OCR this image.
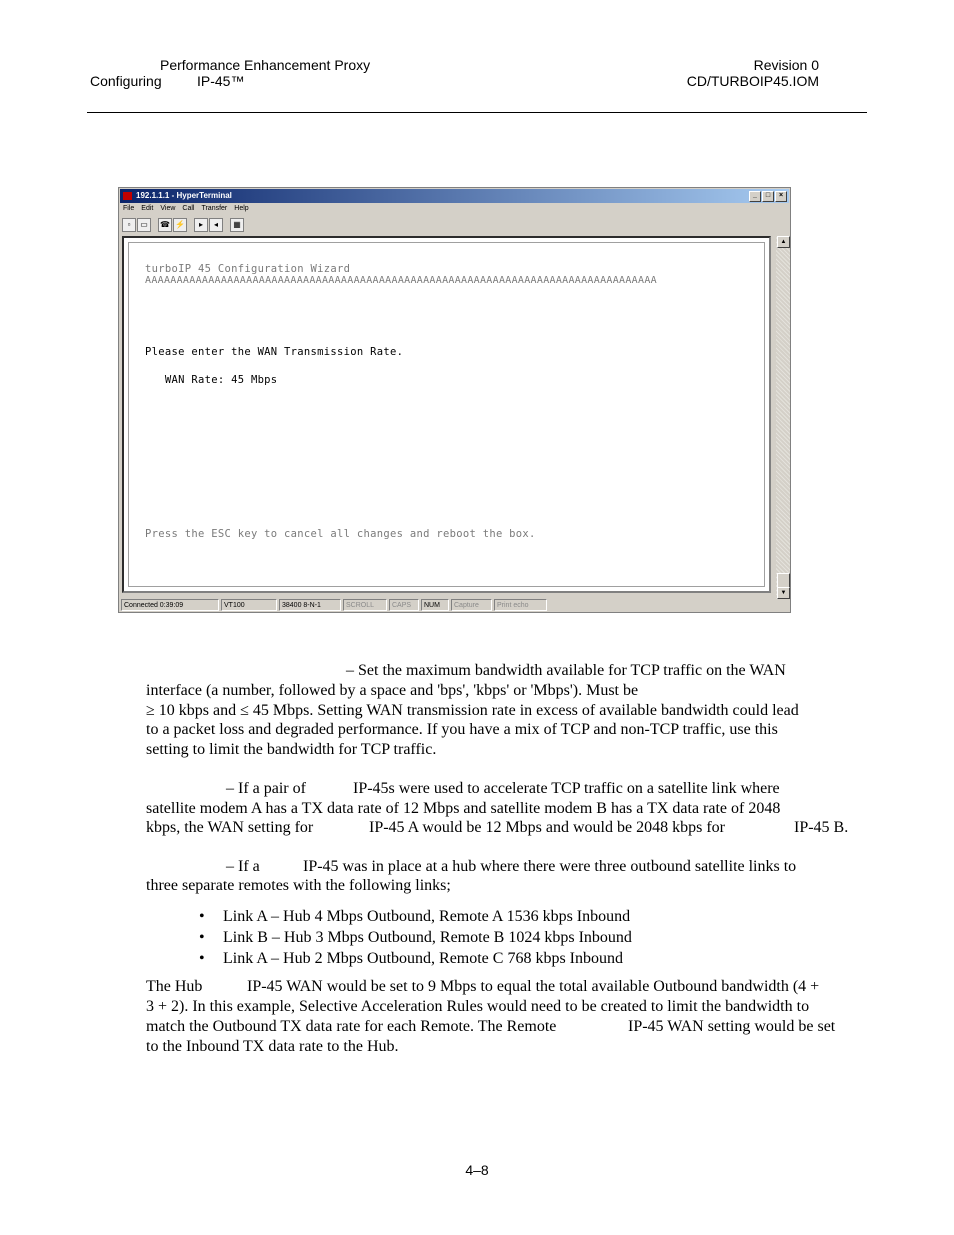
Performance Enhancement Proxy
Configuring	IP-45™
Revision 0
CD/TURBOIP45.IOM
192.1.1.1 - HyperTerminal	_	□	×
File Edit View Call Transfer Help
▫	▭	☎ ⚡	▸	◂	▦
turboIP 45 Configuration Wizard
AAAAAAAAAAAAAAAAAAAAAAAAAAAAAAAAAAAAAAAAAAAAAAAAAAAAAAAAAAAAAAAAAAAAAAAAAAAAAAAAA
Please enter the WAN Transmission Rate.
WAN Rate: 45 Mbps
Press the ESC key to cancel all changes and reboot the box.
▲
▼
Connected 0:39:09	VT100	38400 8-N-1	SCROLL	CAPS	NUM	Capture	Print echo
– Set the maximum bandwidth available for TCP traffic on the WAN
interface (a number, followed by a space and 'bps', 'kbps' or 'Mbps'). Must be
≥ 10 kbps and ≤ 45 Mbps. Setting WAN transmission rate in excess of available bandwidth could lead
to a packet loss and degraded performance. If you have a mix of TCP and non-TCP traffic, use this
setting to limit the bandwidth for TCP traffic.
– If a pair of	IP-45s were used to accelerate TCP traffic on a satellite link where
satellite modem A has a TX data rate of 12 Mbps and satellite modem B has a TX data rate of 2048
kbps, the WAN setting for	IP-45 A would be 12 Mbps and would be 2048 kbps for	IP-45 B.
– If a	IP-45 was in place at a hub where there were three outbound satellite links to
three separate remotes with the following links;
• Link A – Hub 4 Mbps Outbound, Remote A 1536 kbps Inbound
• Link B – Hub 3 Mbps Outbound, Remote B 1024 kbps Inbound
• Link A – Hub 2 Mbps Outbound, Remote C 768 kbps Inbound
The Hub	IP-45 WAN would be set to 9 Mbps to equal the total available Outbound bandwidth (4 +
3 + 2). In this example, Selective Acceleration Rules would need to be created to limit the bandwidth to
match the Outbound TX data rate for each Remote. The Remote	IP-45 WAN setting would be set
to the Inbound TX data rate to the Hub.
4–8
